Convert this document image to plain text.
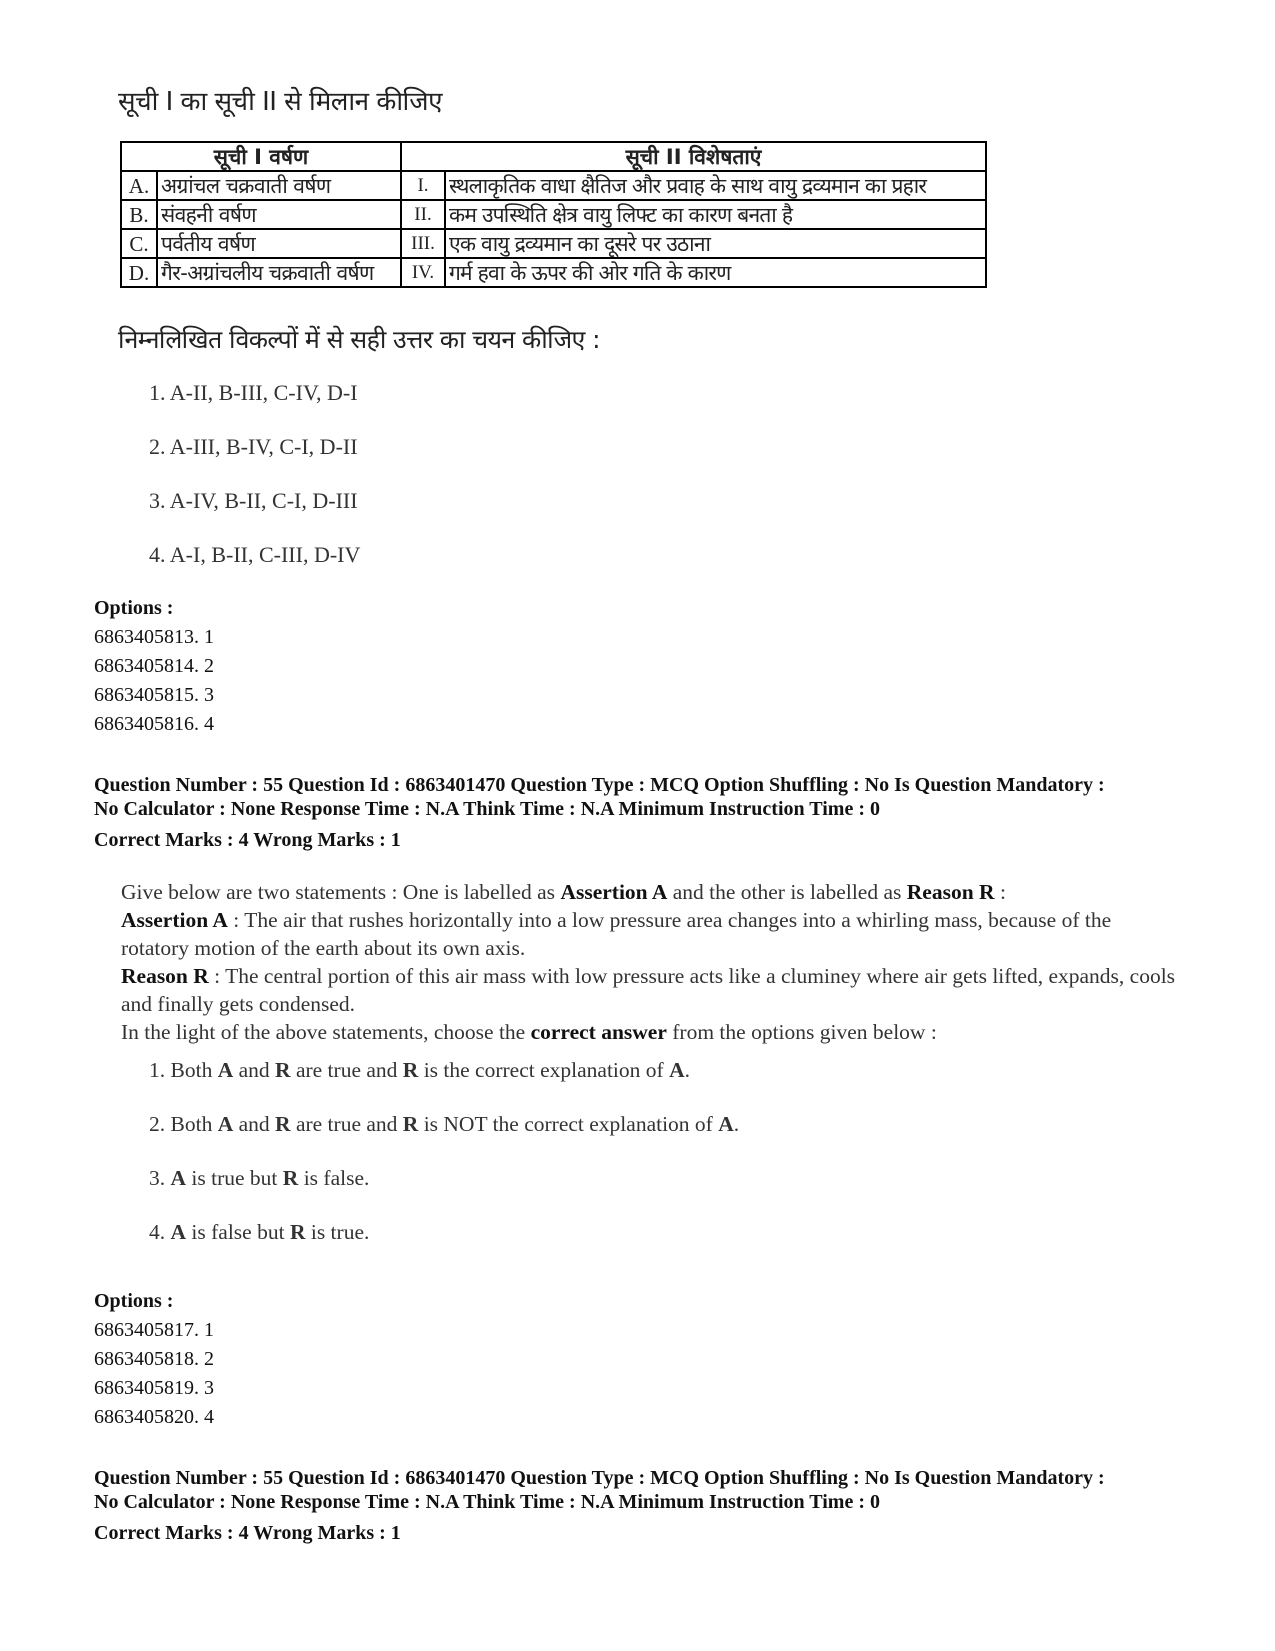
सूची I का सूची II से मिलान कीजिए
सूची I वर्षण		सूची II विशेषताएं	
A.	अग्रांचल चक्रवाती वर्षण	I.	स्थलाकृतिक वाधा क्षैतिज और प्रवाह के साथ वायु द्रव्यमान का प्रहार
B.	संवहनी वर्षण	II.	कम उपस्थिति क्षेत्र वायु लिफ्ट का कारण बनता है
C.	पर्वतीय वर्षण	III.	एक वायु द्रव्यमान का दूसरे पर उठाना
D.	गैर-अग्रांचलीय चक्रवाती वर्षण	IV.	गर्म हवा के ऊपर की ओर गति के कारण
निम्नलिखित विकल्पों में से सही उत्तर का चयन कीजिए :
1. A-II, B-III, C-IV, D-I
2. A-III, B-IV, C-I, D-II
3. A-IV, B-II, C-I, D-III
4. A-I, B-II, C-III, D-IV
Options :
6863405813. 1
6863405814. 2
6863405815. 3
6863405816. 4
Question Number : 55 Question Id : 6863401470 Question Type : MCQ Option Shuffling : No Is Question Mandatory :
No Calculator : None Response Time : N.A Think Time : N.A Minimum Instruction Time : 0
Correct Marks : 4 Wrong Marks : 1
Give below are two statements : One is labelled as Assertion A and the other is labelled as Reason R :
Assertion A : The air that rushes horizontally into a low pressure area changes into a whirling mass, because of the rotatory motion of the earth about its own axis.
Reason R : The central portion of this air mass with low pressure acts like a cluminey where air gets lifted, expands, cools and finally gets condensed.
In the light of the above statements, choose the correct answer from the options given below :
1. Both A and R are true and R is the correct explanation of A.
2. Both A and R are true and R is NOT the correct explanation of A.
3. A is true but R is false.
4. A is false but R is true.
Options :
6863405817. 1
6863405818. 2
6863405819. 3
6863405820. 4
Question Number : 55 Question Id : 6863401470 Question Type : MCQ Option Shuffling : No Is Question Mandatory :
No Calculator : None Response Time : N.A Think Time : N.A Minimum Instruction Time : 0
Correct Marks : 4 Wrong Marks : 1
